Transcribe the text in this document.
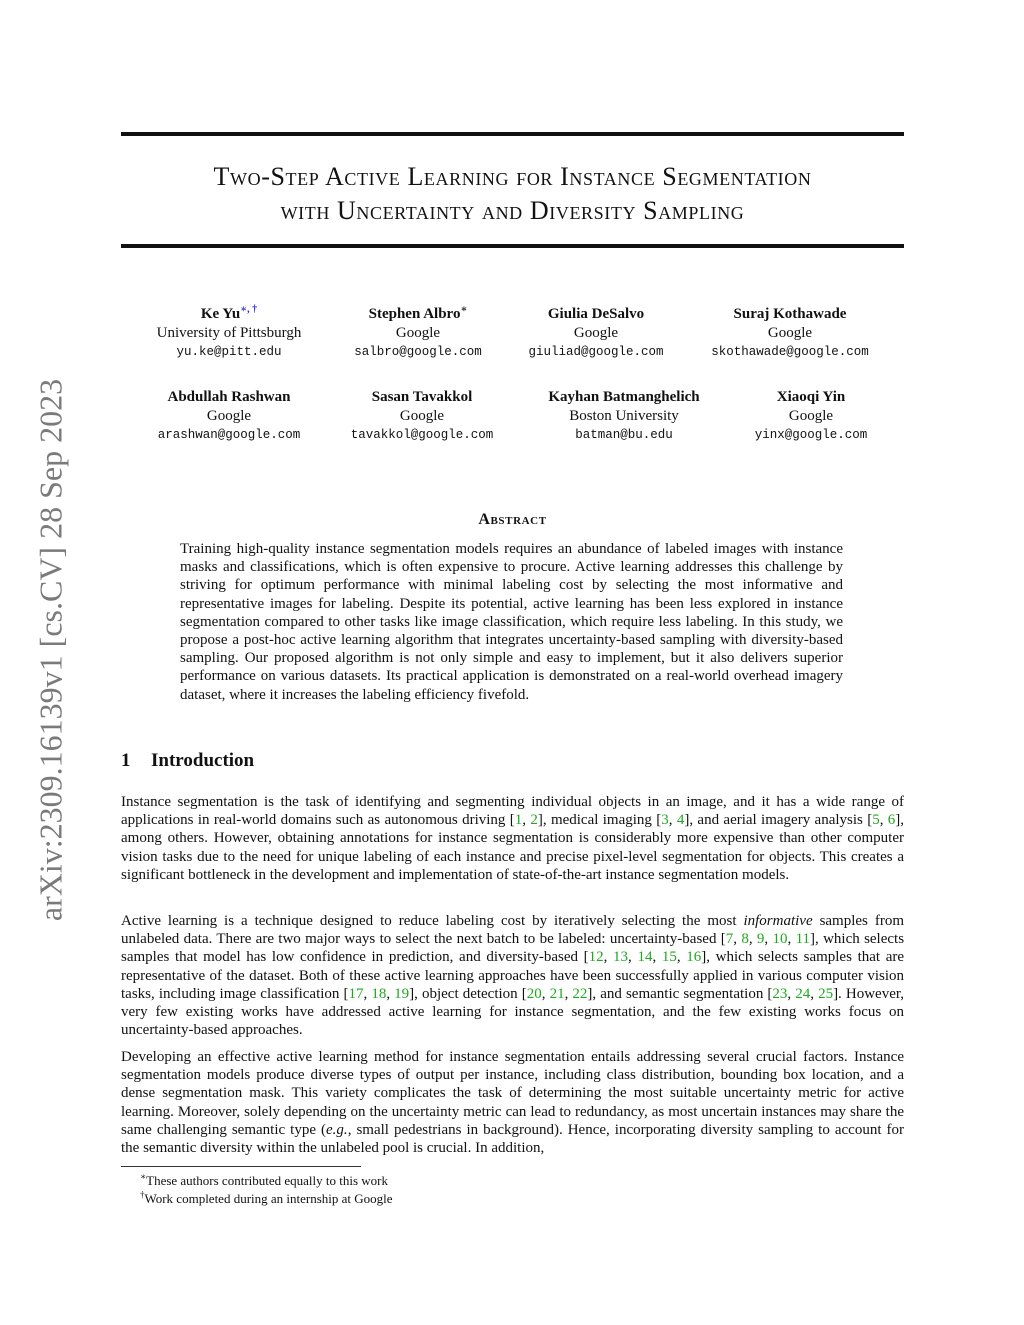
arXiv:2309.16139v1 [cs.CV] 28 Sep 2023
Two-Step Active Learning for Instance Segmentation
with Uncertainty and Diversity Sampling
Ke Yu∗, †
University of Pittsburgh
yu.ke@pitt.edu
Stephen Albro∗
Google
salbro@google.com
Giulia DeSalvo
Google
giuliad@google.com
Suraj Kothawade
Google
skothawade@google.com
Abdullah Rashwan
Google
arashwan@google.com
Sasan Tavakkol
Google
tavakkol@google.com
Kayhan Batmanghelich
Boston University
batman@bu.edu
Xiaoqi Yin
Google
yinx@google.com
Abstract
Training high-quality instance segmentation models requires an abundance of labeled images with instance masks and classifications, which is often expensive to procure. Active learning addresses this challenge by striving for optimum performance with minimal labeling cost by selecting the most informative and representative images for labeling. Despite its potential, active learning has been less explored in instance segmentation compared to other tasks like image classification, which require less labeling. In this study, we propose a post-hoc active learning algorithm that integrates uncertainty-based sampling with diversity-based sampling. Our proposed algorithm is not only simple and easy to implement, but it also delivers superior performance on various datasets. Its practical application is demonstrated on a real-world overhead imagery dataset, where it increases the labeling efficiency fivefold.
1 Introduction

Instance segmentation is the task of identifying and segmenting individual objects in an image, and it has a wide range of applications in real-world domains such as autonomous driving [1, 2], medical imaging [3, 4], and aerial imagery analysis [5, 6], among others. However, obtaining annotations for instance segmentation is considerably more expensive than other computer vision tasks due to the need for unique labeling of each instance and precise pixel-level segmentation for objects. This creates a significant bottleneck in the development and implementation of state-of-the-art instance segmentation models.

Active learning is a technique designed to reduce labeling cost by iteratively selecting the most informative samples from unlabeled data. There are two major ways to select the next batch to be labeled: uncertainty-based [7, 8, 9, 10, 11], which selects samples that model has low confidence in prediction, and diversity-based [12, 13, 14, 15, 16], which selects samples that are representative of the dataset. Both of these active learning approaches have been successfully applied in various computer vision tasks, including image classification [17, 18, 19], object detection [20, 21, 22], and semantic segmentation [23, 24, 25]. However, very few existing works have addressed active learning for instance segmentation, and the few existing works focus on uncertainty-based approaches.

Developing an effective active learning method for instance segmentation entails addressing several crucial factors. Instance segmentation models produce diverse types of output per instance, including class distribution, bounding box location, and a dense segmentation mask. This variety complicates the task of determining the most suitable uncertainty metric for active learning. Moreover, solely depending on the uncertainty metric can lead to redundancy, as most uncertain instances may share the same challenging semantic type (e.g., small pedestrians in background). Hence, incorporating diversity sampling to account for the semantic diversity within the unlabeled pool is crucial. In addition,

∗These authors contributed equally to this work
†Work completed during an internship at Google
